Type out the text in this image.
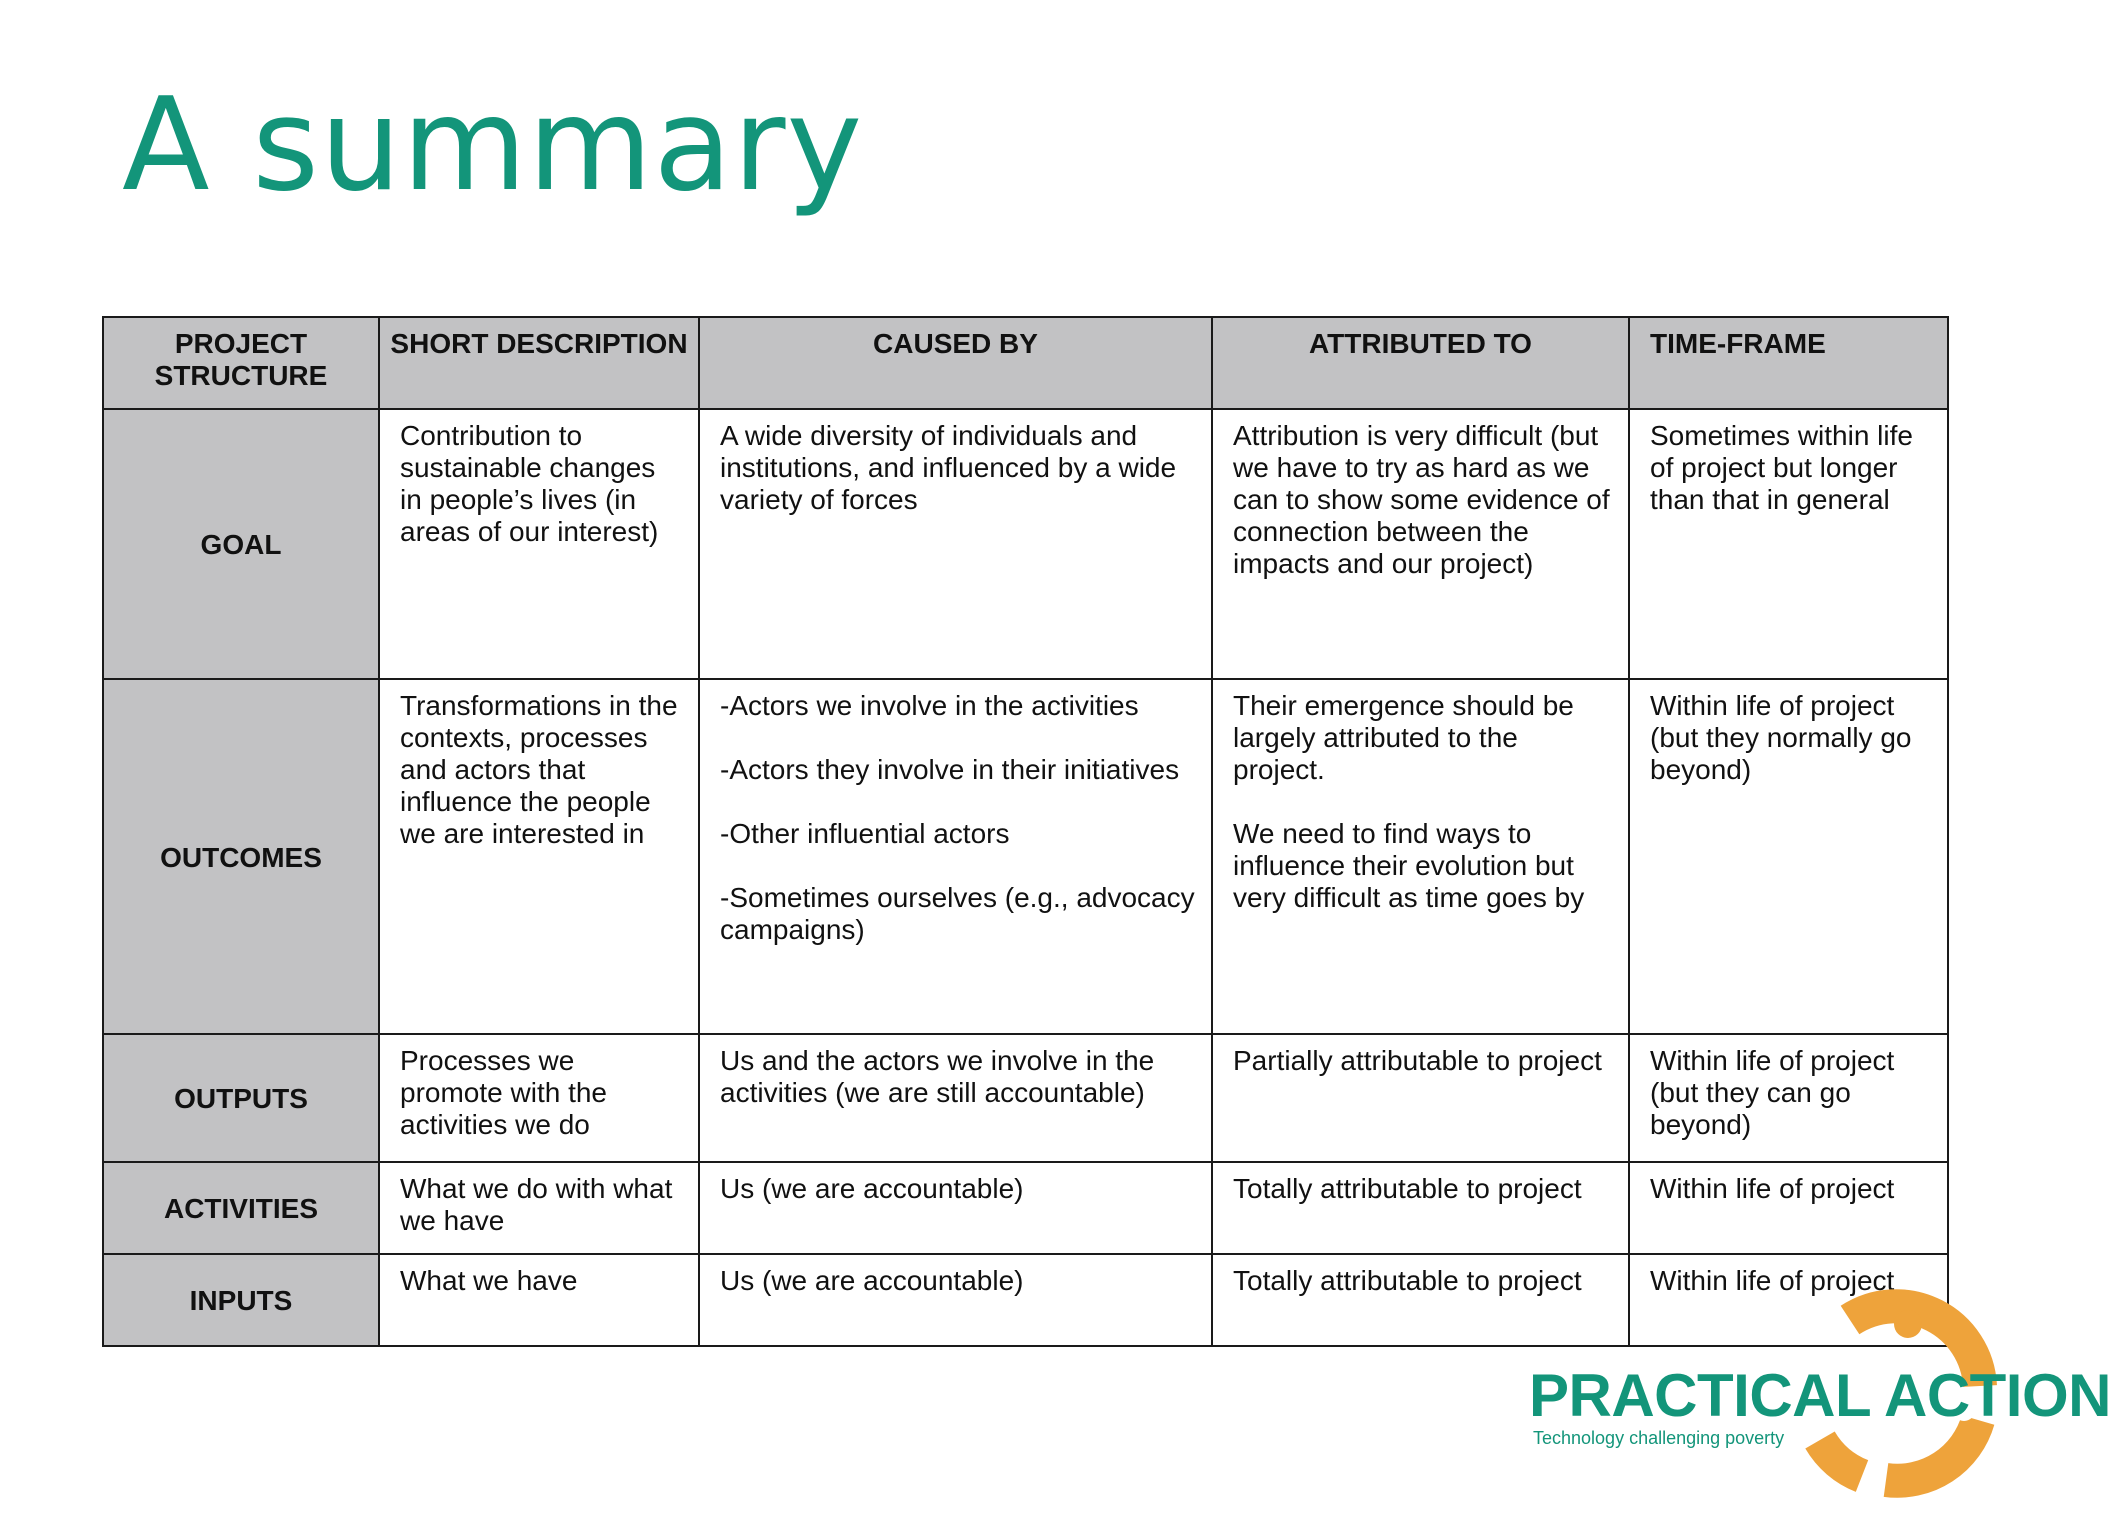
A summary
PROJECT STRUCTURE	SHORT DESCRIPTION	CAUSED BY	ATTRIBUTED TO	TIME-FRAME
GOAL	Contribution to sustainable changes in people’s lives (in areas of our interest)	A wide diversity of individuals and institutions, and influenced by a wide variety of forces	Attribution is very difficult (but we have to try as hard as we can to show some evidence of connection between the impacts and our project)	Sometimes within life of project but longer than that in general
OUTCOMES	Transformations in the contexts, processes and actors that influence the people we are interested in	-Actors we involve in the activities
-Actors they involve in their initiatives
-Other influential actors
-Sometimes ourselves (e.g., advocacy campaigns)	Their emergence should be largely attributed to the project.
We need to find ways to influence their evolution but very difficult as time goes by	Within life of project (but they normally go beyond)
OUTPUTS	Processes we promote with the activities we do	Us and the actors we involve in the activities (we are still accountable)	Partially attributable to project	Within life of project (but they can go beyond)
ACTIVITIES	What we do with what we have	Us (we are accountable)	Totally attributable to project	Within life of project
INPUTS	What we have	Us (we are accountable)	Totally attributable to project	Within life of project
PRACTICAL ACTION
Technology challenging poverty
